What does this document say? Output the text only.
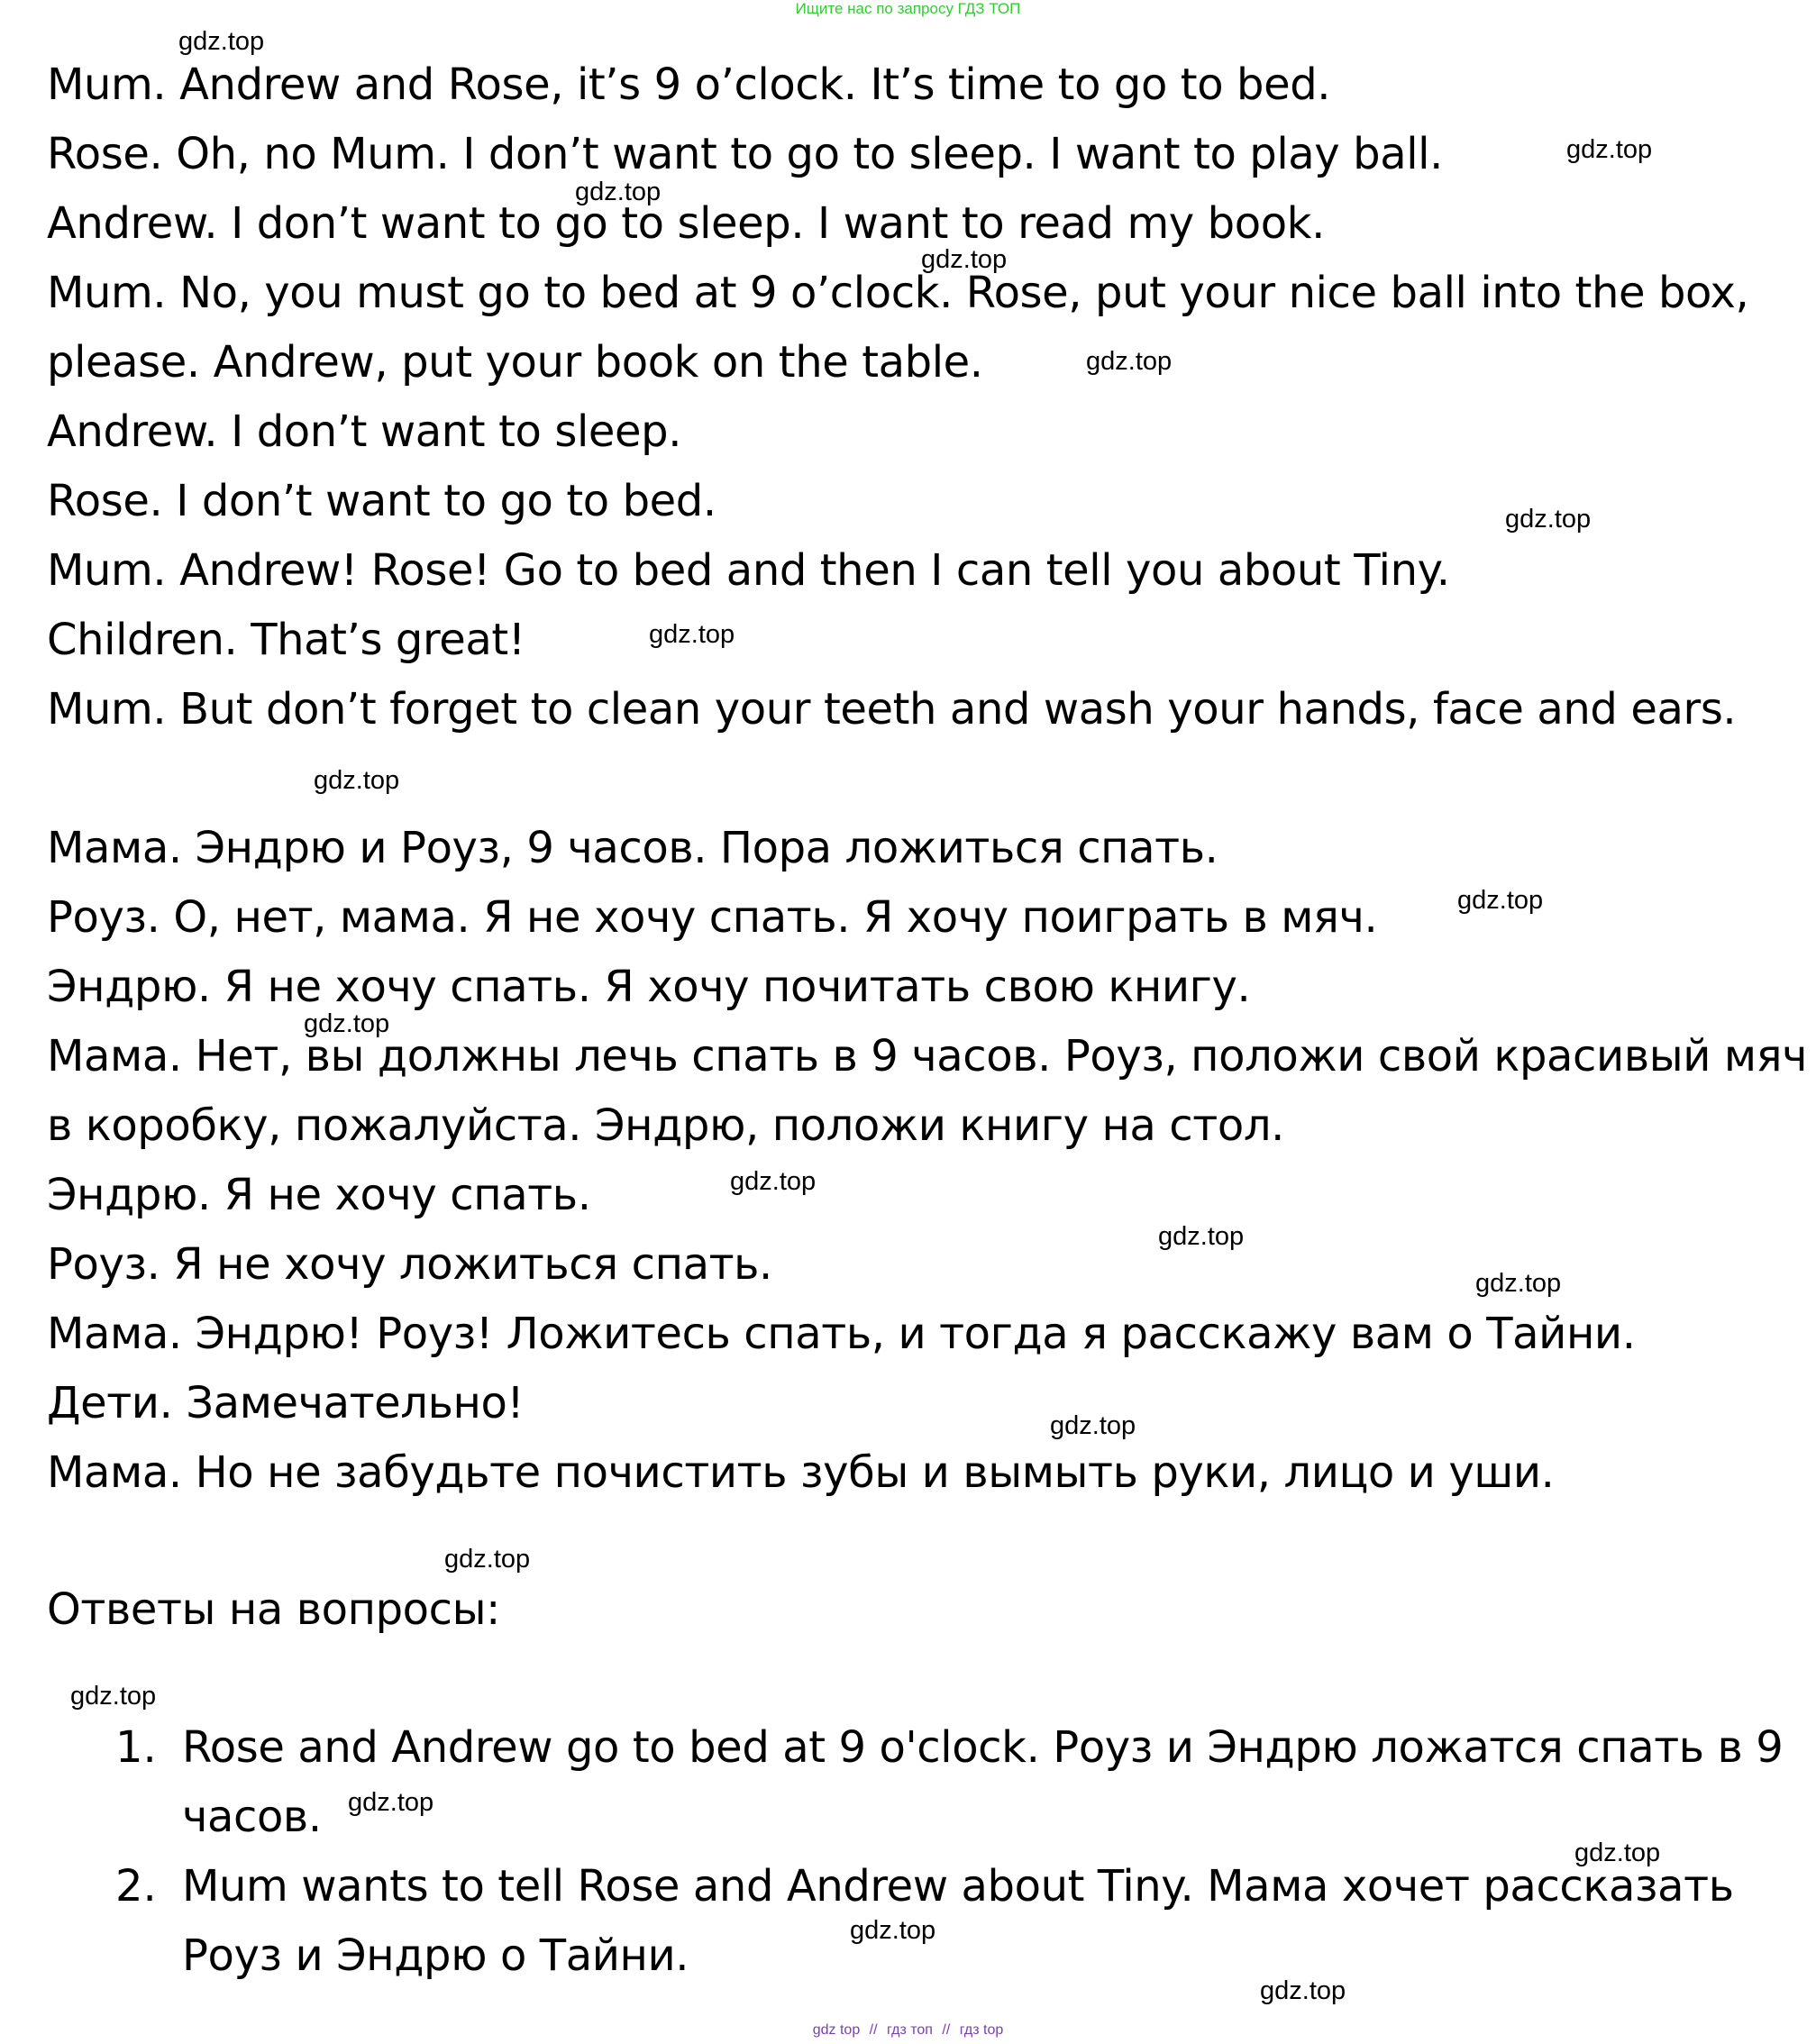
Ищите нас по запросу ГДЗ ТОП

Mum. Andrew and Rose, it’s 9 o’clock. It’s time to go to bed.

Rose. Oh, no Mum. I don’t want to go to sleep. I want to play ball.

Andrew. I don’t want to go to sleep. I want to read my book.

Mum. No, you must go to bed at 9 o’clock. Rose, put your nice ball into the box,

please. Andrew, put your book on the table.

Andrew. I don’t want to sleep.

Rose. I don’t want to go to bed.

Mum. Andrew! Rose! Go to bed and then I can tell you about Tiny.

Children. That’s great!

Mum. But don’t forget to clean your teeth and wash your hands, face and ears.

Мама. Эндрю и Роуз, 9 часов. Пора ложиться спать.

Роуз. О, нет, мама. Я не хочу спать. Я хочу поиграть в мяч.

Эндрю. Я не хочу спать. Я хочу почитать свою книгу.

Мама. Нет, вы должны лечь спать в 9 часов. Роуз, положи свой красивый мяч

в коробку, пожалуйста. Эндрю, положи книгу на стол.

Эндрю. Я не хочу спать.

Роуз. Я не хочу ложиться спать.

Мама. Эндрю! Роуз! Ложитесь спать, и тогда я расскажу вам о Тайни.

Дети. Замечательно!

Мама. Но не забудьте почистить зубы и вымыть руки, лицо и уши.

Ответы на вопросы:

1. Rose and Andrew go to bed at 9 o'clock. Роуз и Эндрю ложатся спать в 9

часов.

2. Mum wants to tell Rose and Andrew about Tiny. Мама хочет рассказать

Роуз и Эндрю о Тайни.

gdz.top
gdz.top
gdz.top
gdz.top
gdz.top
gdz.top
gdz.top
gdz.top
gdz.top
gdz.top
gdz.top
gdz.top
gdz.top
gdz.top
gdz.top
gdz.top
gdz.top
gdz.top
gdz.top
gdz.top
gdz top // гдз топ // гдз top
